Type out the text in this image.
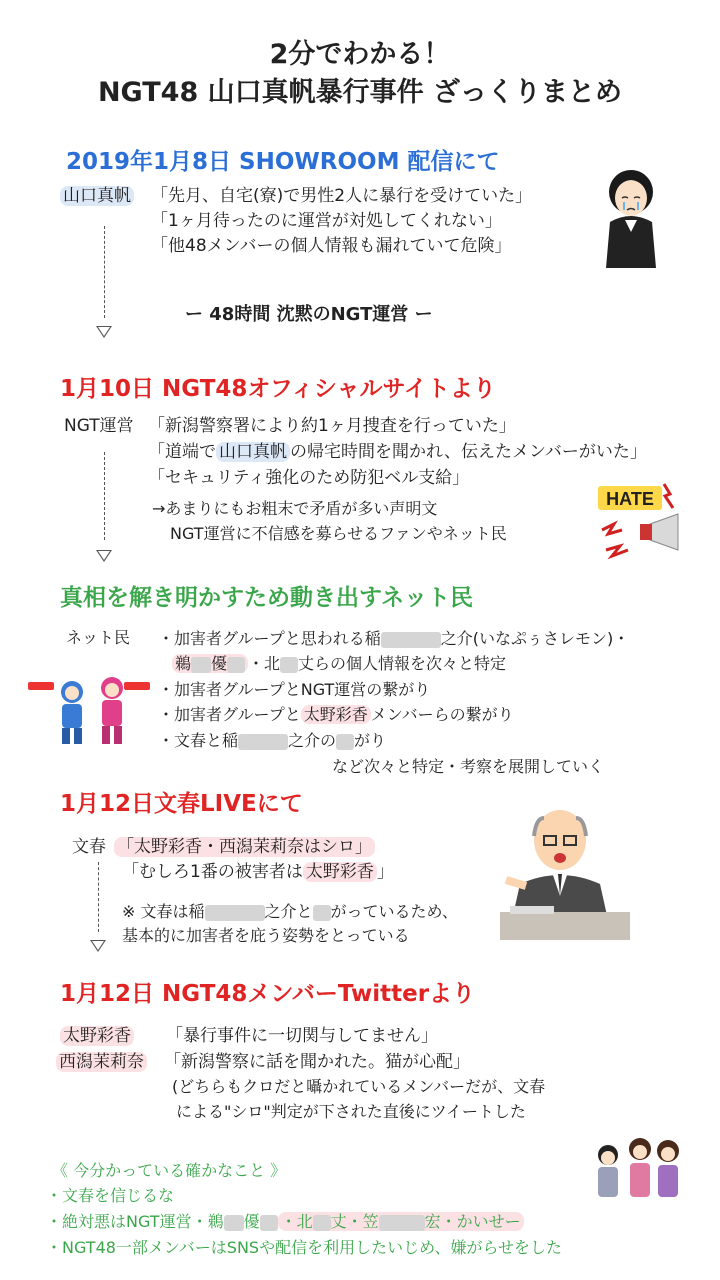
2分でわかる！
NGT48 山口真帆暴行事件 ざっくりまとめ
2019年1月8日 SHOWROOM 配信にて
山口真帆 「先月、自宅(寮)で男性2人に暴行を受けていた」
「1ヶ月待ったのに運営が対処してくれない」
「他48メンバーの個人情報も漏れていて危険」
ー 48時間 沈黙のNGT運営 ー
1月10日 NGT48オフィシャルサイトより
NGT運営 「新潟警察署により約1ヶ月捜査を行っていた」
「道端で 山口真帆 の帰宅時間を聞かれ、伝えたメンバーがいた」
「セキュリティ強化のため防犯ベル支給」
→あまりにもお粗末で矛盾が多い声明文
NGT運営に不信感を募らせるファンやネット民
HATE
真相を解き明かすため動き出すネット民
ネット民 ・加害者グループと思われる稲	之介(いなぷぅさレモン)・
鵜 優 ・北 丈らの個人情報を次々と特定
・加害者グループとNGT運営の繋がり
・加害者グループと 太野彩香 メンバーらの繋がり
・文春と稲	之介の がり
など次々と特定・考察を展開していく
1月12日文春LIVEにて
文春 「太野彩香・西潟茉莉奈はシロ」
「むしろ1番の被害者は 太野彩香 」
※ 文春は稲	之介と がっているため、
基本的に加害者を庇う姿勢をとっている
1月12日 NGT48メンバーTwitterより
太野彩香 「暴行事件に一切関与してません」
西潟茉莉奈 「新潟警察に話を聞かれた。猫が心配」
(どちらもクロだと囁かれているメンバーだが、文春
による"シロ"判定が下された直後にツイートした
《 今分かっている確かなこと 》
・文春を信じるな
・絶対悪はNGT運営・鵜 優 ・北 丈・笠	宏・かいせー
・NGT48一部メンバーはSNSや配信を利用したいじめ、嫌がらせをした
